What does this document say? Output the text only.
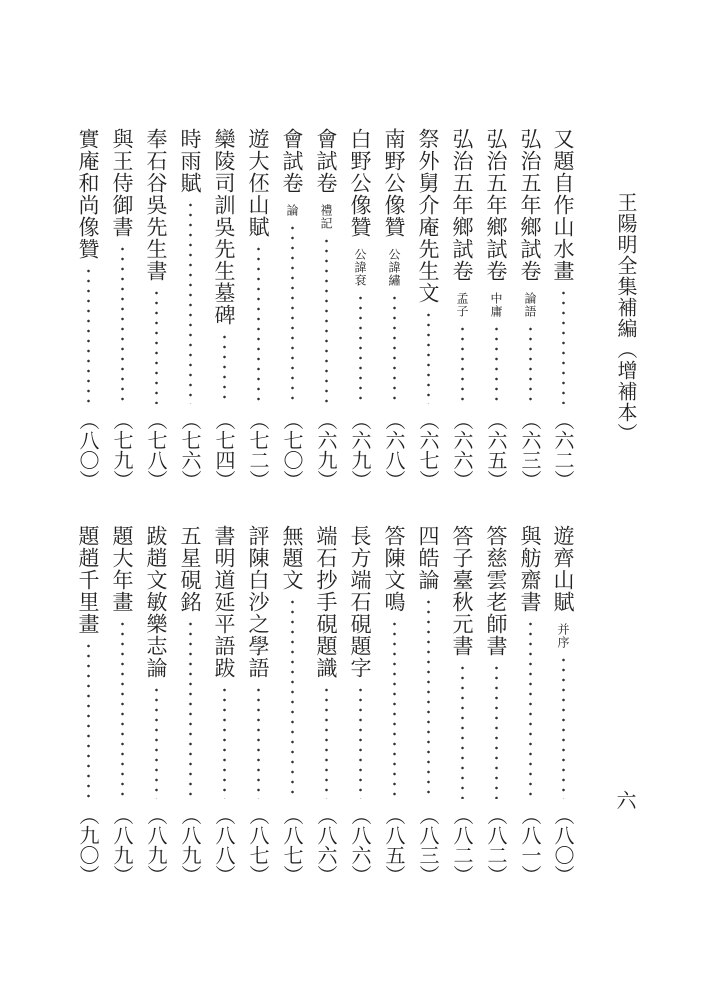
王陽明全集補編（增補本）
六
又題自作山水畫
（六二）
弘治五年鄉試卷
論語
（六三）
弘治五年鄉試卷
中庸
（六五）
弘治五年鄉試卷
孟子
（六六）
祭外舅介庵先生文
（六七）
南野公像贊
公諱繡
（六八）
白野公像贊
公諱袞
（六九）
會試卷
禮記
（六九）
會試卷
論
（七〇）
遊大伾山賦
（七二）
欒陵司訓吳先生墓碑
（七四）
時雨賦
（七六）
奉石谷吳先生書
（七八）
與王侍御書
（七九）
實庵和尚像贊
（八〇）
遊齊山賦
并序
（八〇）
與舫齋書
（八一）
答慈雲老師書
（八二）
答子臺秋元書
（八二）
四皓論
（八三）
答陳文鳴
（八五）
長方端石硯題字
（八六）
端石抄手硯題識
（八六）
無題文
（八七）
評陳白沙之學語
（八七）
書明道延平語跋
（八八）
五星硯銘
（八九）
跋趙文敏樂志論
（八九）
題大年畫
（八九）
題趙千里畫
（九〇）
